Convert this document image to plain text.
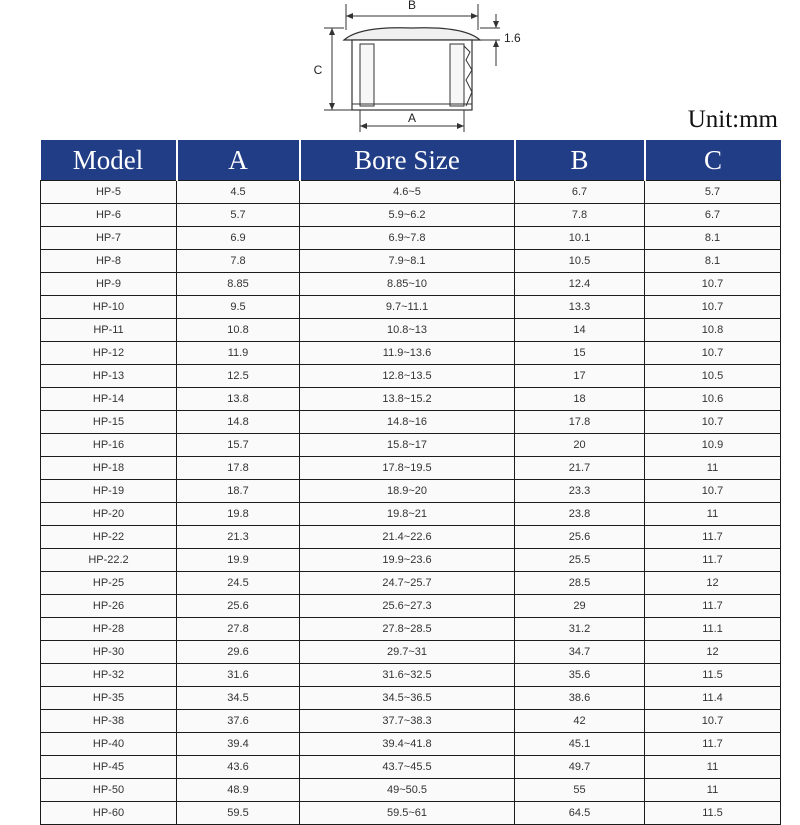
B
1.6
C
A	Unit:mm
Model	A	Bore Size	B	C
HP-5	4.5	4.6~5	6.7	5.7
HP-6	5.7	5.9~6.2	7.8	6.7
HP-7	6.9	6.9~7.8	10.1	8.1
HP-8	7.8	7.9~8.1	10.5	8.1
HP-9	8.85	8.85~10	12.4	10.7
HP-10	9.5	9.7~11.1	13.3	10.7
HP-11	10.8	10.8~13	14	10.8
HP-12	11.9	11.9~13.6	15	10.7
HP-13	12.5	12.8~13.5	17	10.5
HP-14	13.8	13.8~15.2	18	10.6
HP-15	14.8	14.8~16	17.8	10.7
HP-16	15.7	15.8~17	20	10.9
HP-18	17.8	17.8~19.5	21.7	11
HP-19	18.7	18.9~20	23.3	10.7
HP-20	19.8	19.8~21	23.8	11
HP-22	21.3	21.4~22.6	25.6	11.7
HP-22.2	19.9	19.9~23.6	25.5	11.7
HP-25	24.5	24.7~25.7	28.5	12
HP-26	25.6	25.6~27.3	29	11.7
HP-28	27.8	27.8~28.5	31.2	11.1
HP-30	29.6	29.7~31	34.7	12
HP-32	31.6	31.6~32.5	35.6	11.5
HP-35	34.5	34.5~36.5	38.6	11.4
HP-38	37.6	37.7~38.3	42	10.7
HP-40	39.4	39.4~41.8	45.1	11.7
HP-45	43.6	43.7~45.5	49.7	11
HP-50	48.9	49~50.5	55	11
HP-60	59.5	59.5~61	64.5	11.5
